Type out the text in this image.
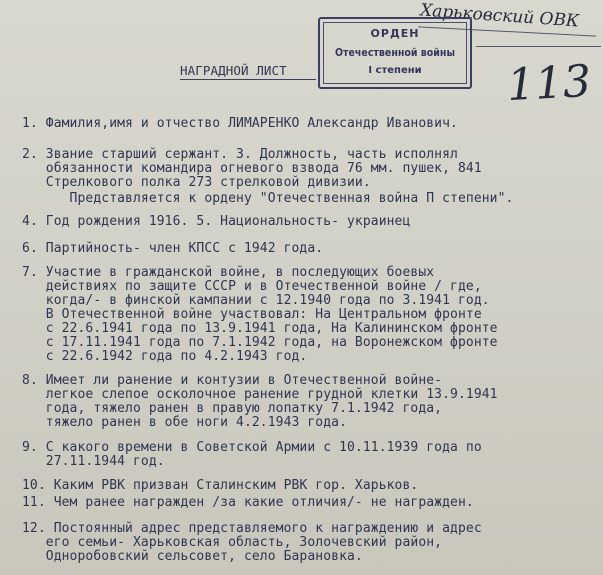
Харьковский ОВК
113
ОРДЕН
Отечественной войны
I степени
НАГРАДНОЙ ЛИСТ
1. Фамилия,имя и отчество ЛИМАРЕНКО Александр Иванович.
2. Звание старший сержант. 3. Должность, часть исполнял
обязанности командира огневого взвода 76 мм. пушек, 841
Стрелкового полка 273 стрелковой дивизии.
Представляется к ордену "Отечественная война П степени".
4. Год рождения 1916. 5. Национальность- украинец
6. Партийность- член КПСС с 1942 года.
7. Участие в гражданской войне, в последующих боевых
действиях по защите СССР и в Отечественной войне / где,
когда/- в финской кампании с 12.1940 года по 3.1941 год.
В Отечественной войне участвовал: На Центральном фронте
с 22.6.1941 года по 13.9.1941 года, На Калининском фронте
с 17.11.1941 года по 7.1.1942 года, на Воронежском фронте
с 22.6.1942 года по 4.2.1943 год.
8. Имеет ли ранение и контузии в Отечественной войне-
легкое слепое осколочное ранение грудной клетки 13.9.1941
года, тяжело ранен в правую лопатку 7.1.1942 года,
тяжело ранен в обе ноги 4.2.1943 года.
9. С какого времени в Советской Армии с 10.11.1939 года по
27.11.1944 год.
10. Каким РВК призван Сталинским РВК гор. Харьков.
11. Чем ранее награжден /за какие отличия/- не награжден.
12. Постоянный адрес представляемого к награждению и адрес
его семьи- Харьковская область, Золочевский район,
Одноробовский сельсовет, село Барановка.
